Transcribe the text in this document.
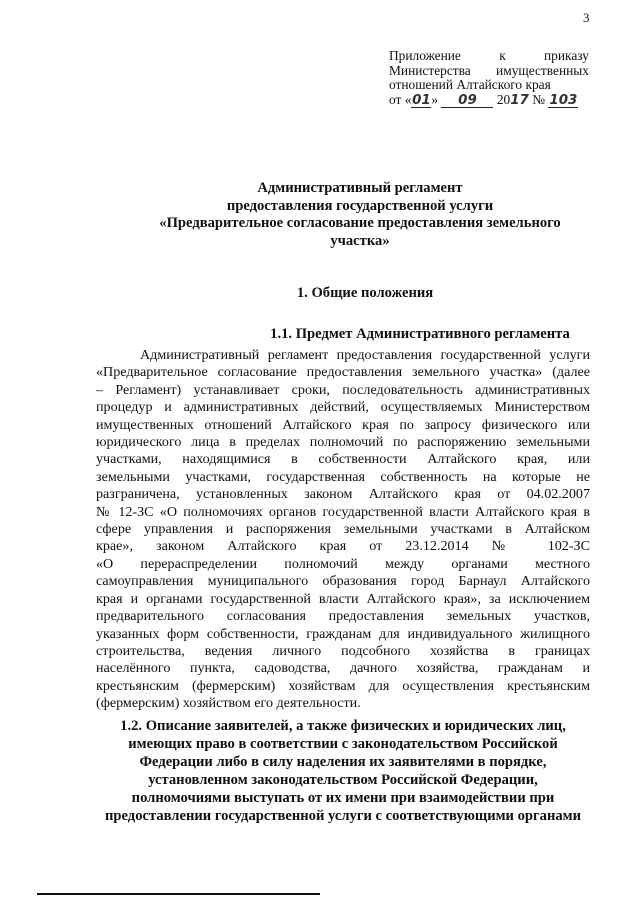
3
Приложение	к	приказу
Министерства имущественных
отношений Алтайского края
от «01» 09 2017 № 103
Административный регламент
предоставления государственной услуги
«Предварительное согласование предоставления земельного
участка»
1. Общие положения
1.1. Предмет Административного регламента
Административный регламент предоставления государственной услуги
«Предварительное согласование предоставления земельного участка» (далее
– Регламент) устанавливает сроки, последовательность административных
процедур и административных действий, осуществляемых Министерством
имущественных отношений Алтайского края по запросу физического или
юридического лица в пределах полномочий по распоряжению земельными
участками, находящимися в собственности Алтайского края, или
земельными участками, государственная собственность на которые не
разграничена, установленных законом Алтайского края от 04.02.2007
№ 12-ЗС «О полномочиях органов государственной власти Алтайского края в
сфере управления и распоряжения земельными участками в Алтайском
крае», законом Алтайского края от 23.12.2014 № 102-ЗС
«О перераспределении полномочий между органами местного
самоуправления муниципального образования город Барнаул Алтайского
края и органами государственной власти Алтайского края», за исключением
предварительного согласования предоставления земельных участков,
указанных форм собственности, гражданам для индивидуального жилищного
строительства, ведения личного подсобного хозяйства в границах
населённого пункта, садоводства, дачного хозяйства, гражданам и
крестьянским (фермерским) хозяйствам для осуществления крестьянским
(фермерским) хозяйством его деятельности.
1.2. Описание заявителей, а также физических и юридических лиц,
имеющих право в соответствии с законодательством Российской
Федерации либо в силу наделения их заявителями в порядке,
установленном законодательством Российской Федерации,
полномочиями выступать от их имени при взаимодействии при
предоставлении государственной услуги с соответствующими органами
